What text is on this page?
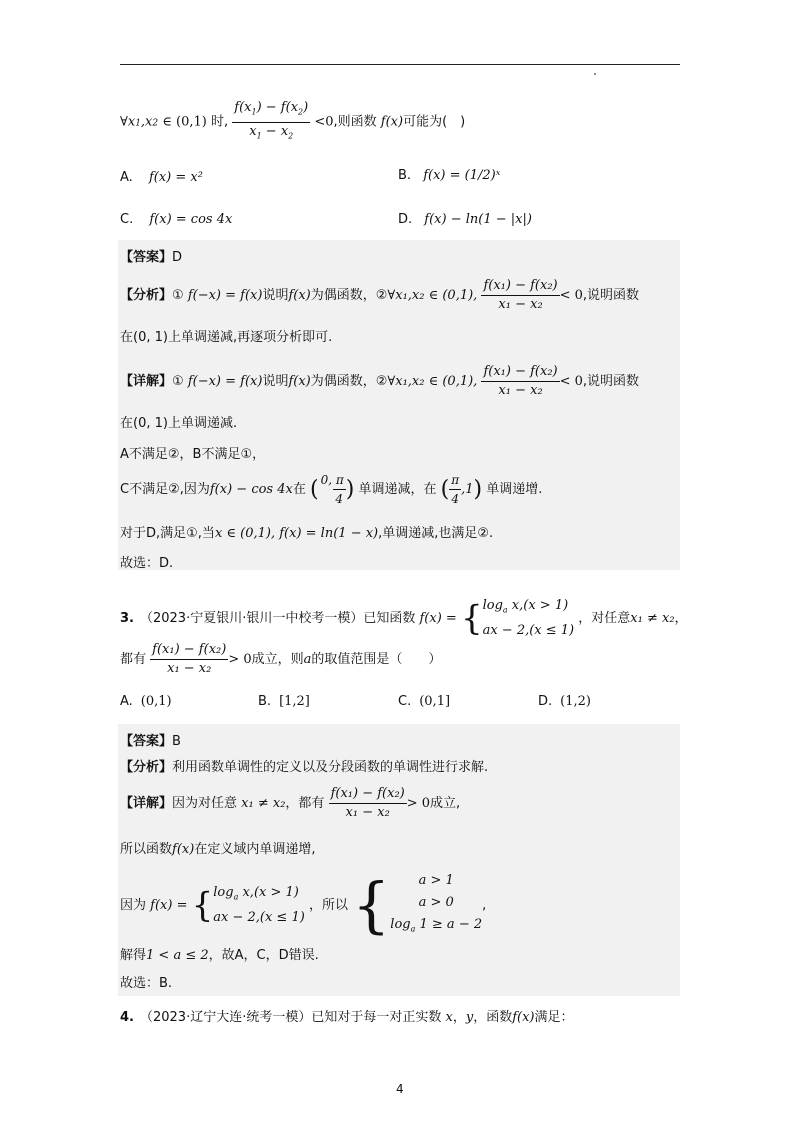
∀x1,x2 ∈ (0,1) 时, $\frac{f(x_1) - f(x_2)}{x_1 - x_2} <0$,则函数 f(x)可能为(　)
A. f(x) = x²	B. f(x) = (1/2)ˣ
C. f(x) = cos 4x	D. f(x) − ln(1 − |x|)
【答案】D
【分析】① f(−x) = f(x)说明f(x)为偶函数，②∀x₁,x₂ ∈ (0,1), $\frac{\text{f(x₁) − f(x₂)}}{\text{x₁ − x₂}} < 0$,说明函数
在(0, 1)上单调递减,再逐项分析即可.
【详解】① f(−x) = f(x)说明f(x)为偶函数，②∀x₁,x₂ ∈ (0,1), $\frac{\text{f(x₁) − f(x₂)}}{\text{x₁ − x₂}} < 0$,说明函数
在(0, 1)上单调递减.
A不满足②，B不满足①，
C不满足②,因为f(x) − cos 4x在 ( $\frac{0, \pi}{4}$ ) 单调递减，在 ( $\frac{\pi}{4} ,1$) 单调递增.
对于D,满足①,当x ∈ (0,1), f(x) = ln(1 − x),单调递减,也满足②.
故选：D.
3. （2023·宁夏银川·银川一中校考一模）已知函数 $f(x) = \{\log_a$ x,(x > 1)
ax − 2,(x ≤ 1) ，对任意x₁ ≠ x₂，
都有 $\frac{\text{f(x₁) − f(x₂)}}{\text{x₁ − x₂}} > 0$成立，则a的取值范围是（　　）
A. (0,1)	B. [1,2]	C. (0,1]	D. (1,2)
【答案】B
【分析】利用函数单调性的定义以及分段函数的单调性进行求解.
【详解】因为对任意 x₁ ≠ x₂，都有 $\frac{\text{f(x₁) − f(x₂)}}{\text{x₁ − x₂}} > 0$成立,
所以函数f(x)在定义域内单调递增,
因为 $f(x) = \{\log_a$ x,(x > 1)
ax − 2,(x ≤ 1) ，所以 { a > 1
a > 0
$\log_a 1 \ge a - 2$,
解得1 < a ≤ 2，故A，C，D错误.
故选：B.
4. （2023·辽宁大连·统考一模）已知对于每一对正实数 x，y，函数f(x)满足：
4
